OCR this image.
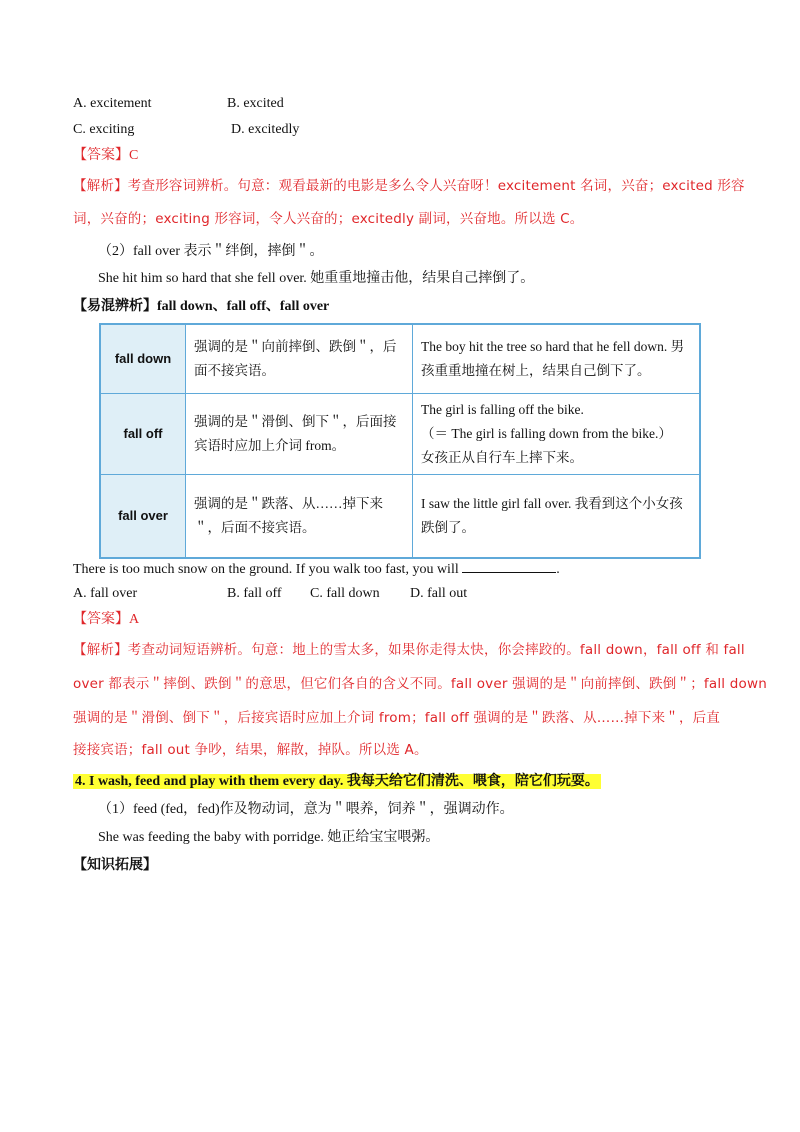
A. excitement	B. excited
C. exciting	D. excitedly
【答案】C
【解析】考查形容词辨析。句意：观看最新的电影是多么令人兴奋呀！excitement 名词，兴奋；excited 形容
词，兴奋的；exciting 形容词，令人兴奋的；excitedly 副词，兴奋地。所以选 C。
（2）fall over 表示＂绊倒，摔倒＂。
She hit him so hard that she fell over. 她重重地撞击他，结果自己摔倒了。
【易混辨析】fall down、fall off、fall over
fall down	强调的是＂向前摔倒、跌倒＂，后面不接宾语。	The boy hit the tree so hard that he fell down. 男孩重重地撞在树上，结果自己倒下了。
fall off	强调的是＂滑倒、倒下＂，后面接宾语时应加上介词 from。	The girl is falling off the bike.
（＝ The girl is falling down from the bike.）
女孩正从自行车上摔下来。

fall over	强调的是＂跌落、从……掉下来＂，后面不接宾语。	I saw the little girl fall over. 我看到这个小女孩跌倒了。
There is too much snow on the ground. If you walk too fast, you will	.
A. fall over	B. fall off C. fall down D. fall out
【答案】A
【解析】考查动词短语辨析。句意：地上的雪太多，如果你走得太快，你会摔跤的。fall down，fall off 和 fall
over 都表示＂摔倒、跌倒＂的意思，但它们各自的含义不同。fall over 强调的是＂向前摔倒、跌倒＂；fall down
强调的是＂滑倒、倒下＂，后接宾语时应加上介词 from；fall off 强调的是＂跌落、从……掉下来＂，后直
接接宾语；fall out 争吵，结果，解散，掉队。所以选 A。
4. I wash, feed and play with them every day. 我每天给它们清洗、喂食，陪它们玩耍。
（1）feed (fed，fed)作及物动词，意为＂喂养，饲养＂，强调动作。
She was feeding the baby with porridge. 她正给宝宝喂粥。
【知识拓展】
